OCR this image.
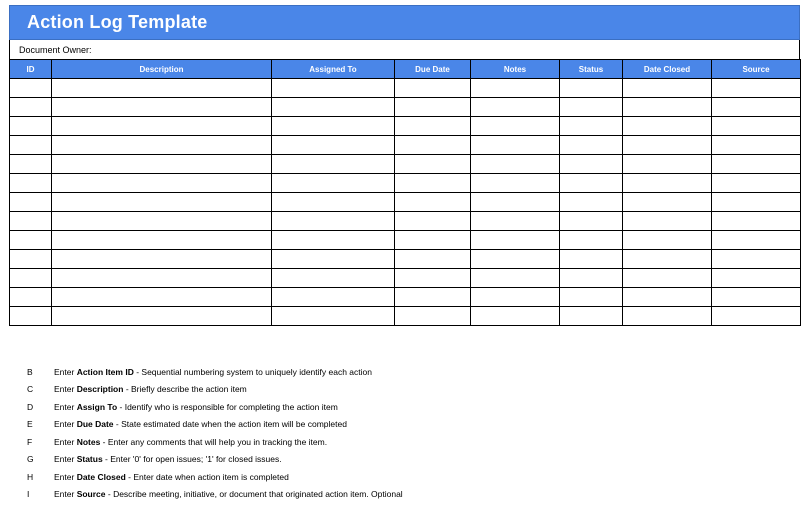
Action Log Template
Document Owner:
ID	Description	Assigned To	Due Date	Notes	Status	Date Closed	Source

B	Enter Action Item ID - Sequential numbering system to uniquely identify each action
C	Enter Description - Briefly describe the action item
D	Enter Assign To - Identify who is responsible for completing the action item
E	Enter Due Date - State estimated date when the action item will be completed
F	Enter Notes - Enter any comments that will help you in tracking the item.
G	Enter Status - Enter '0' for open issues; '1' for closed issues.
H	Enter Date Closed - Enter date when action item is completed
I	Enter Source - Describe meeting, initiative, or document that originated action item. Optional
